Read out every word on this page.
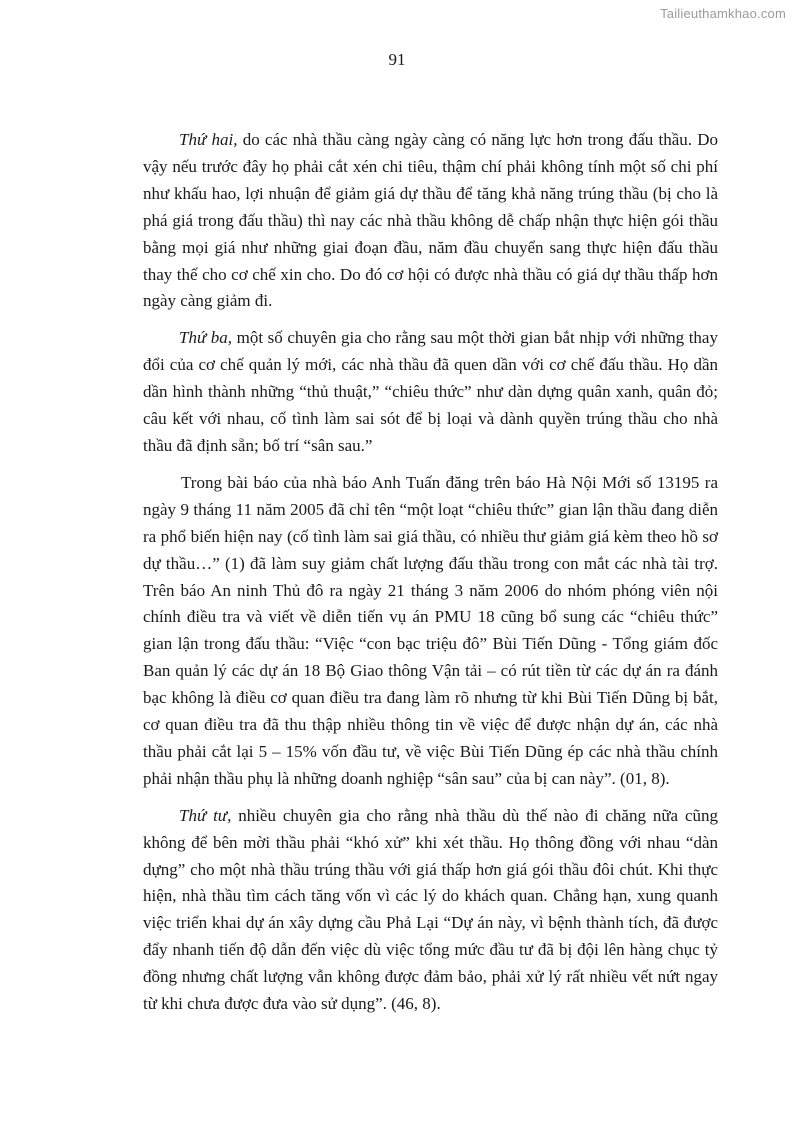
Tailieuthamkhao.com
91

Thứ hai, do các nhà thầu càng ngày càng có năng lực hơn trong đấu thầu. Do vậy nếu trước đây họ phải cắt xén chi tiêu, thậm chí phải không tính một số chi phí như khấu hao, lợi nhuận để giảm giá dự thầu để tăng khả năng trúng thầu (bị cho là phá giá trong đấu thầu) thì nay các nhà thầu không dễ chấp nhận thực hiện gói thầu bằng mọi giá như những giai đoạn đầu, năm đầu chuyển sang thực hiện đấu thầu thay thế cho cơ chế xin cho. Do đó cơ hội có được nhà thầu có giá dự thầu thấp hơn ngày càng giảm đi.

Thứ ba, một số chuyên gia cho rằng sau một thời gian bắt nhịp với những thay đổi của cơ chế quản lý mới, các nhà thầu đã quen dần với cơ chế đấu thầu. Họ dần dần hình thành những “thủ thuật,” “chiêu thức” như dàn dựng quân xanh, quân đỏ; câu kết với nhau, cố tình làm sai sót để bị loại và dành quyền trúng thầu cho nhà thầu đã định sẵn; bố trí “sân sau.”

Trong bài báo của nhà báo Anh Tuấn đăng trên báo Hà Nội Mới số 13195 ra ngày 9 tháng 11 năm 2005 đã chỉ tên “một loạt “chiêu thức” gian lận thầu đang diễn ra phổ biến hiện nay (cố tình làm sai giá thầu, có nhiều thư giảm giá kèm theo hồ sơ dự thầu…” (1) đã làm suy giảm chất lượng đấu thầu trong con mắt các nhà tài trợ. Trên báo An ninh Thủ đô ra ngày 21 tháng 3 năm 2006 do nhóm phóng viên nội chính điều tra và viết về diễn tiến vụ án PMU 18 cũng bổ sung các “chiêu thức” gian lận trong đấu thầu: “Việc “con bạc triệu đô” Bùi Tiến Dũng - Tổng giám đốc Ban quản lý các dự án 18 Bộ Giao thông Vận tải – có rút tiền từ các dự án ra đánh bạc không là điều cơ quan điều tra đang làm rõ nhưng từ khi Bùi Tiến Dũng bị bắt, cơ quan điều tra đã thu thập nhiều thông tin về việc để được nhận dự án, các nhà thầu phải cắt lại 5 – 15% vốn đầu tư, về việc Bùi Tiến Dũng ép các nhà thầu chính phải nhận thầu phụ là những doanh nghiệp “sân sau” của bị can này”. (01, 8).

Thứ tư, nhiều chuyên gia cho rằng nhà thầu dù thế nào đi chăng nữa cũng không để bên mời thầu phải “khó xử” khi xét thầu. Họ thông đồng với nhau “dàn dựng” cho một nhà thầu trúng thầu với giá thấp hơn giá gói thầu đôi chút. Khi thực hiện, nhà thầu tìm cách tăng vốn vì các lý do khách quan. Chẳng hạn, xung quanh việc triển khai dự án xây dựng cầu Phả Lại “Dự án này, vì bệnh thành tích, đã được đẩy nhanh tiến độ dẫn đến việc dù việc tổng mức đầu tư đã bị đội lên hàng chục tỷ đồng nhưng chất lượng vẫn không được đảm bảo, phải xử lý rất nhiều vết nứt ngay từ khi chưa được đưa vào sử dụng”. (46, 8).
